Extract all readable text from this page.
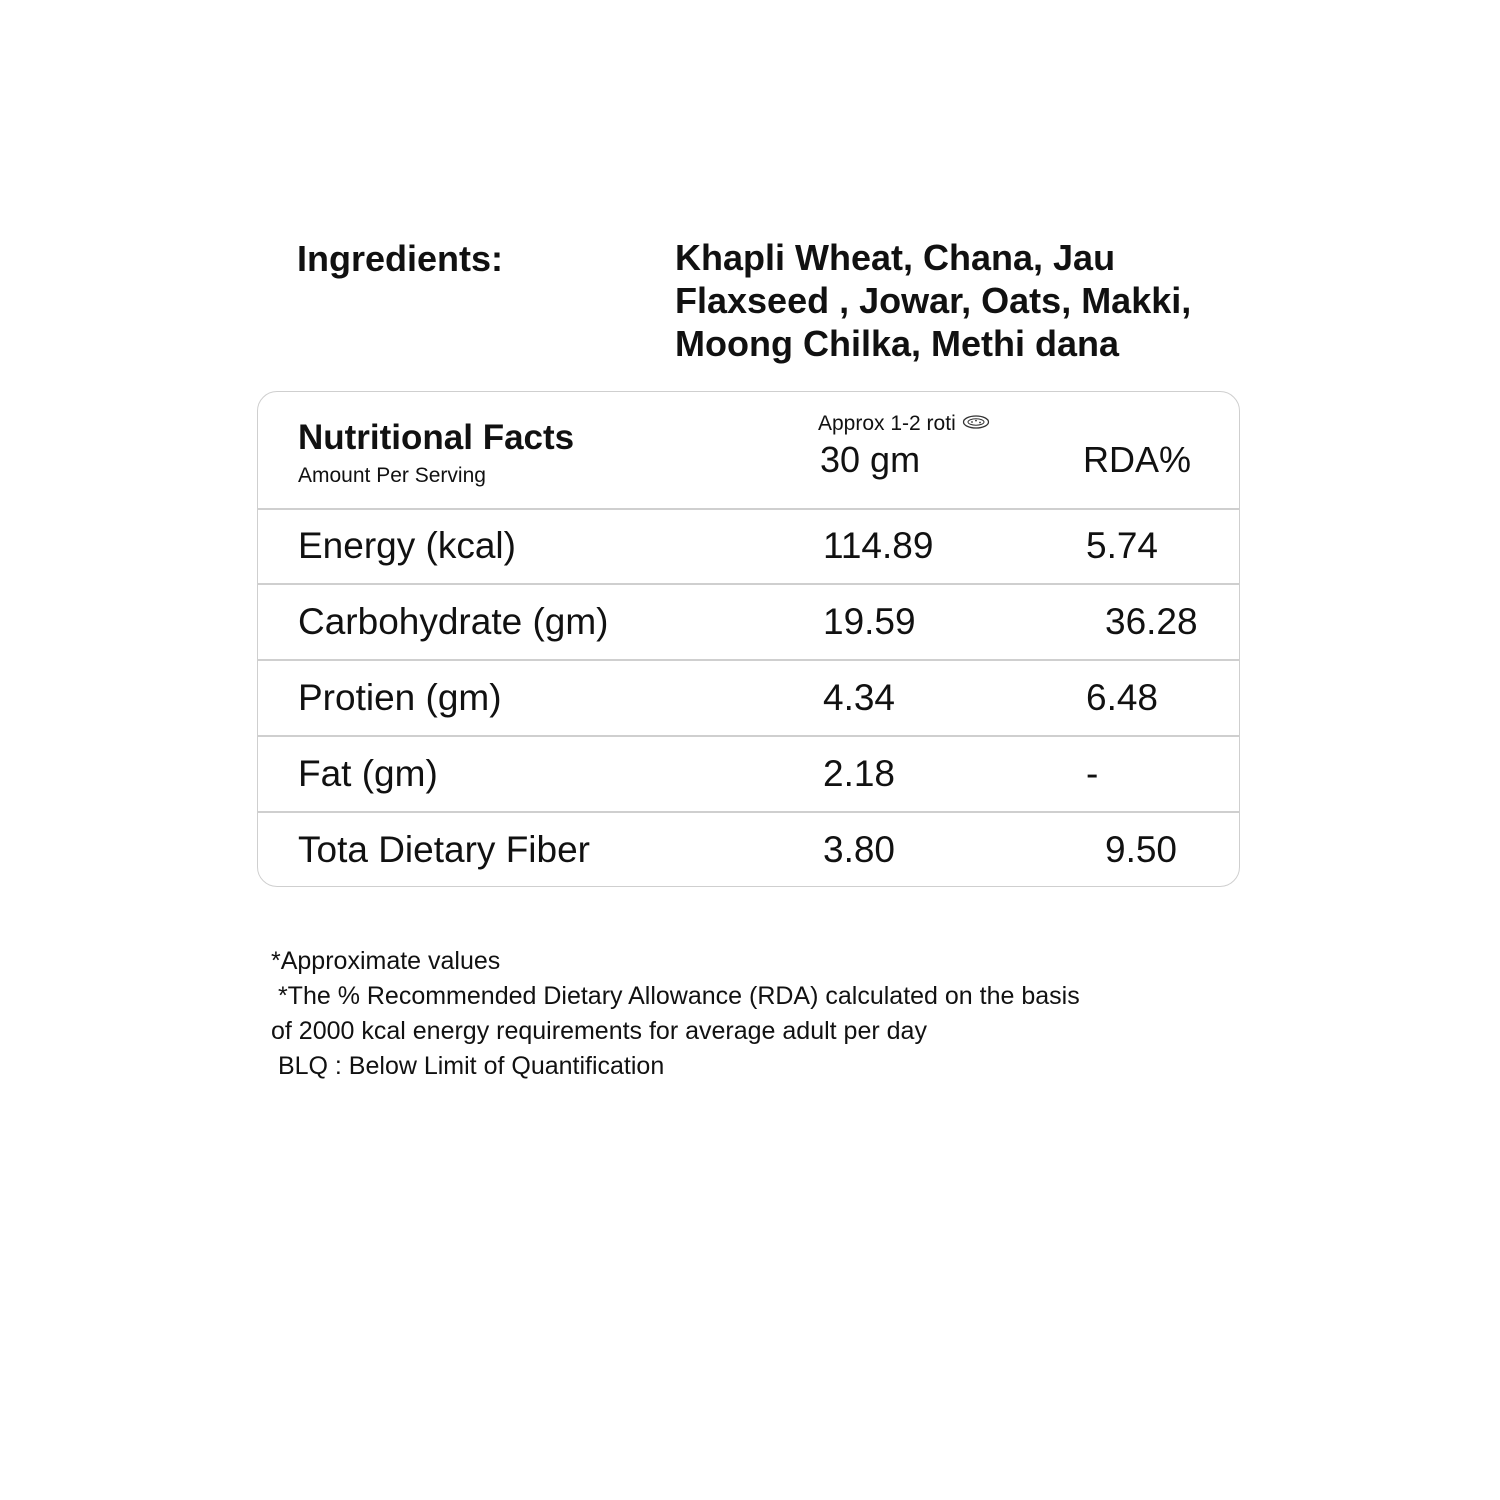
Ingredients:	Khapli Wheat, Chana, Jau
Flaxseed , Jowar, Oats, Makki,
Moong Chilka, Methi dana
Nutritional Facts
Amount Per Serving
Approx 1-2 roti
30 gm	RDA%
Energy (kcal)	114.89	5.74
Carbohydrate (gm)	19.59	36.28
Protien (gm)	4.34	6.48
Fat (gm)	2.18	-
Tota Dietary Fiber	3.80	9.50
*Approximate values
*The % Recommended Dietary Allowance (RDA) calculated on the basis
of 2000 kcal energy requirements for average adult per day
BLQ : Below Limit of Quantification
